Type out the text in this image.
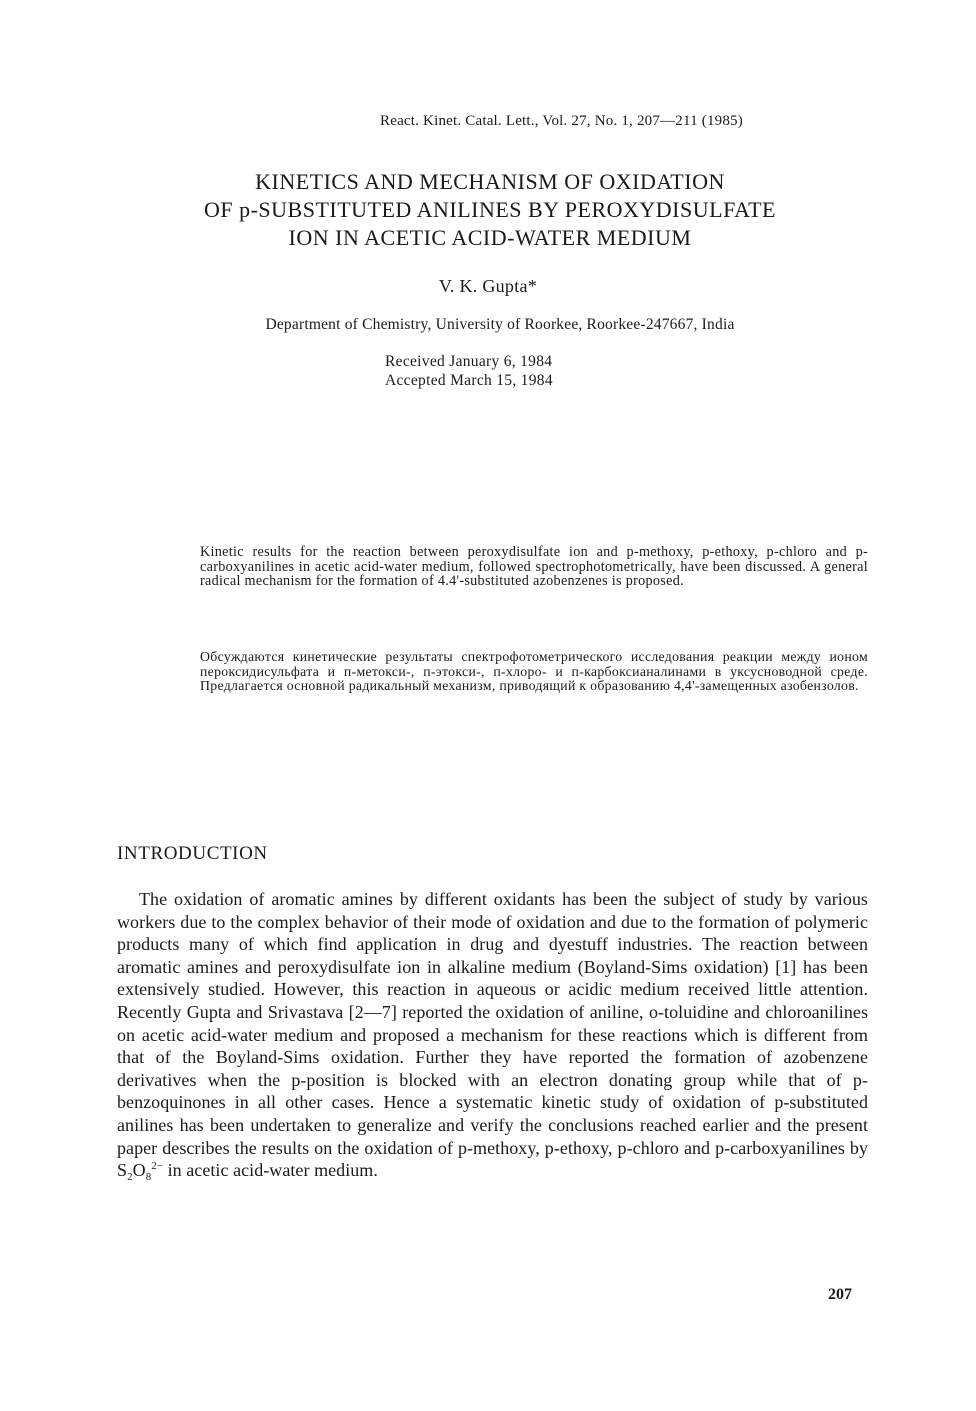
React. Kinet. Catal. Lett., Vol. 27, No. 1, 207—211 (1985)
KINETICS AND MECHANISM OF OXIDATION
OF p-SUBSTITUTED ANILINES BY PEROXYDISULFATE
ION IN ACETIC ACID-WATER MEDIUM
V. K. Gupta*
Department of Chemistry, University of Roorkee, Roorkee-247667, India
Received January 6, 1984
Accepted March 15, 1984

Kinetic results for the reaction between peroxydisulfate ion and p-methoxy, p-ethoxy, p-chloro and p-carboxyanilines in acetic acid-water medium, followed spectrophotometrically, have been discussed. A general radical mechanism for the formation of 4.4'-substituted azobenzenes is proposed.

Обсуждаются кинетические результаты спектрофотометрического исследования реакции между ионом пероксидисульфата и п-метокси-, п-этокси-, п-хлоро- и п-карбоксианалинами в уксусноводной среде. Предлагается основной радикальный механизм, приводящий к образованию 4,4'-замещенных азобензолов.

INTRODUCTION

The oxidation of aromatic amines by different oxidants has been the subject of study by various workers due to the complex behavior of their mode of oxidation and due to the formation of polymeric products many of which find application in drug and dyestuff industries. The reaction between aromatic amines and peroxydisulfate ion in alkaline medium (Boyland-Sims oxidation) [1] has been extensively studied. However, this reaction in aqueous or acidic medium received little attention. Recently Gupta and Srivastava [2—7] reported the oxidation of aniline, o-toluidine and chloroanilines on acetic acid-water medium and proposed a mechanism for these reactions which is different from that of the Boyland-Sims oxidation. Further they have reported the formation of azobenzene derivatives when the p-position is blocked with an electron donating group while that of p-benzoquinones in all other cases. Hence a systematic kinetic study of oxidation of p-substituted anilines has been undertaken to generalize and verify the conclusions reached earlier and the present paper describes the results on the oxidation of p-methoxy, p-ethoxy, p-chloro and p-carboxyanilines by $S_2O_8^{2-}$ in acetic acid-water medium.

207
